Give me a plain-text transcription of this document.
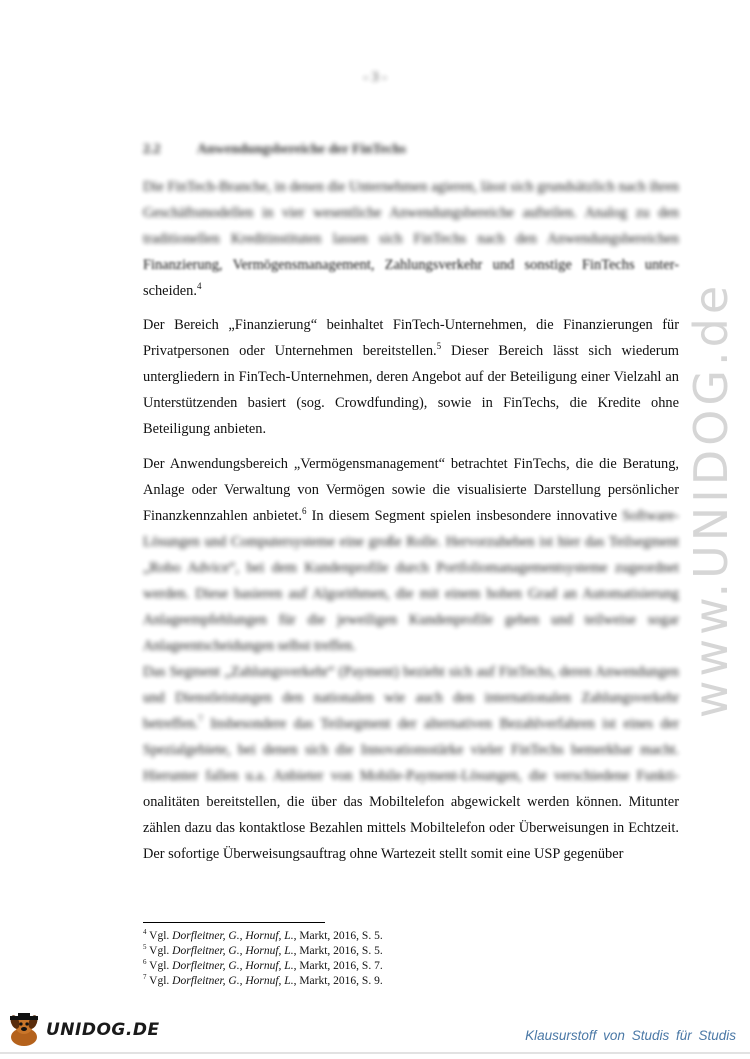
- 3 -
2.2	Anwendungsbereiche der FinTechs

Die FinTech-Branche, in denen die Unternehmen agieren, lässt sich grundsätzlich nach ihren Geschäftsmodellen in vier wesentliche Anwendungsbereiche aufteilen. Analog zu den traditionellen Kreditinstituten lassen sich FinTechs nach den Anwendungsbereichen Finanzierung, Vermögensmanagement, Zahlungsverkehr und sonstige FinTechs unter- scheiden.$^4$

Der Bereich „Finanzierung“ beinhaltet FinTech-Unternehmen, die Finanzierungen für Privatpersonen oder Unternehmen bereitstellen.$^5$ Dieser Bereich lässt sich wiederum untergliedern in FinTech-Unternehmen, deren Angebot auf der Beteiligung einer Vielzahl an Unterstützenden basiert (sog. Crowdfunding), sowie in FinTechs, die Kredite ohne Beteiligung anbieten.

Der Anwendungsbereich „Vermögensmanagement“ betrachtet FinTechs, die die Beratung, Anlage oder Verwaltung von Vermögen sowie die visualisierte Darstellung persönlicher Finanzkennzahlen anbietet.$^6$ In diesem Segment spielen insbesondere innovative Software-Lösungen und Computersysteme eine große Rolle. Hervorzuheben ist hier das Teilsegment „Robo Advice“, bei dem Kundenprofile durch Portfoliomanagementsysteme zugeordnet werden. Diese basieren auf Algorithmen, die mit einem hohen Grad an Automatisierung Anlageempfehlungen für die jeweiligen Kundenprofile geben und teilweise sogar Anlageentscheidungen selbst treffen.

Das Segment „Zahlungsverkehr“ (Payment) bezieht sich auf FinTechs, deren Anwendungen und Dienstleistungen den nationalen wie auch den internationalen Zahlungsverkehr betreffen.$^7$ Insbesondere das Teilsegment der alternativen Bezahlverfahren ist eines der Spezialgebiete, bei denen sich die Innovationsstärke vieler FinTechs bemerkbar macht. Hierunter fallen u.a. Anbieter von Mobile-Payment-Lösungen, die verschiedene Funkti- onalitäten bereitstellen, die über das Mobiltelefon abgewickelt werden können. Mitunter zählen dazu das kontaktlose Bezahlen mittels Mobiltelefon oder Überweisungen in Echtzeit. Der sofortige Überweisungsauftrag ohne Wartezeit stellt somit eine USP gegenüber

$^4$ Vgl. Dorfleitner, G., Hornuf, L., Markt, 2016, S. 5.

$^5$ Vgl. Dorfleitner, G., Hornuf, L., Markt, 2016, S. 5.

$^6$ Vgl. Dorfleitner, G., Hornuf, L., Markt, 2016, S. 7.

$^7$ Vgl. Dorfleitner, G., Hornuf, L., Markt, 2016, S. 9.

www.UNIDOG.de
UNIDOG.DE	Klausurstoff von Studis für Studis
